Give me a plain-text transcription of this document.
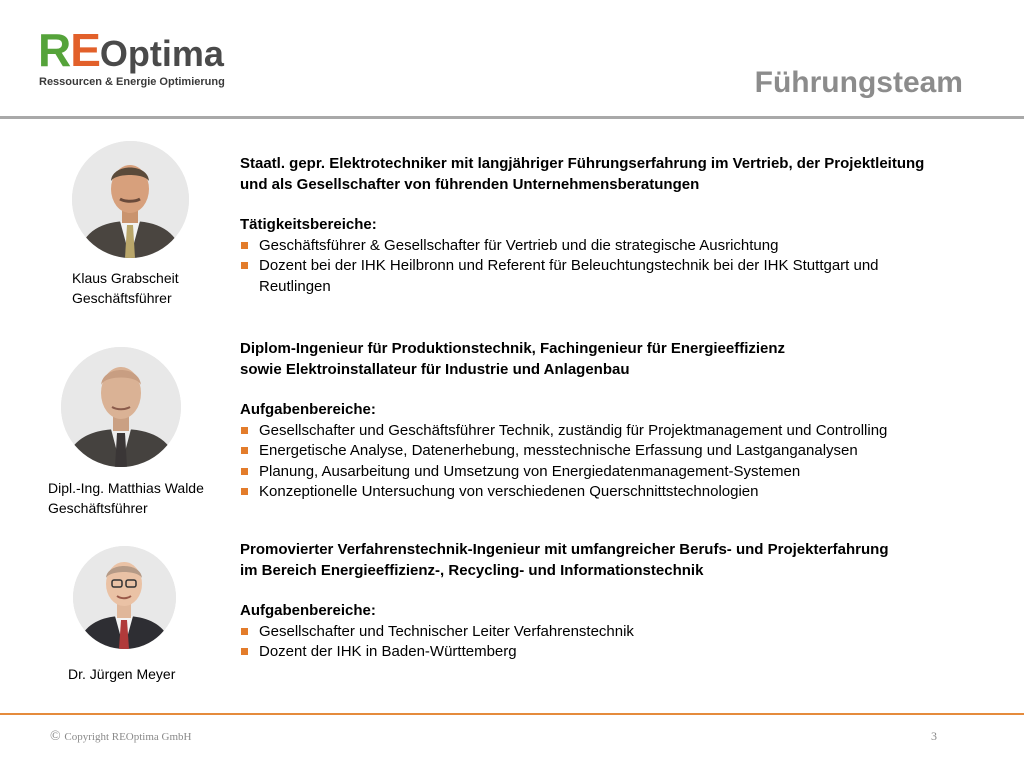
REOptima
Ressourcen & Energie Optimierung	Führungsteam
Klaus Grabscheit
Geschäftsführer
Staatl. gepr. Elektrotechniker mit langjähriger Führungserfahrung im Vertrieb, der Projektleitung
und als Gesellschafter von führenden Unternehmensberatungen
Tätigkeitsbereiche:
Geschäftsführer & Gesellschafter für Vertrieb und die strategische Ausrichtung
Dozent bei der IHK Heilbronn und Referent für Beleuchtungstechnik bei der IHK Stuttgart und Reutlingen
Dipl.-Ing. Matthias Walde
Geschäftsführer
Diplom-Ingenieur für Produktionstechnik, Fachingenieur für Energieeffizienz
sowie Elektroinstallateur für Industrie und Anlagenbau
Aufgabenbereiche:
Gesellschafter und Geschäftsführer Technik, zuständig für Projektmanagement und Controlling
Energetische Analyse, Datenerhebung, messtechnische Erfassung und Lastganganalysen
Planung, Ausarbeitung und Umsetzung von Energiedatenmanagement-Systemen
Konzeptionelle Untersuchung von verschiedenen Querschnittstechnologien
Dr. Jürgen Meyer
Promovierter Verfahrenstechnik-Ingenieur mit umfangreicher Berufs- und Projekterfahrung
im Bereich Energieeffizienz-, Recycling- und Informationstechnik
Aufgabenbereiche:
Gesellschafter und Technischer Leiter Verfahrenstechnik
Dozent der IHK in Baden-Württemberg
© Copyright REOptima GmbH	3
